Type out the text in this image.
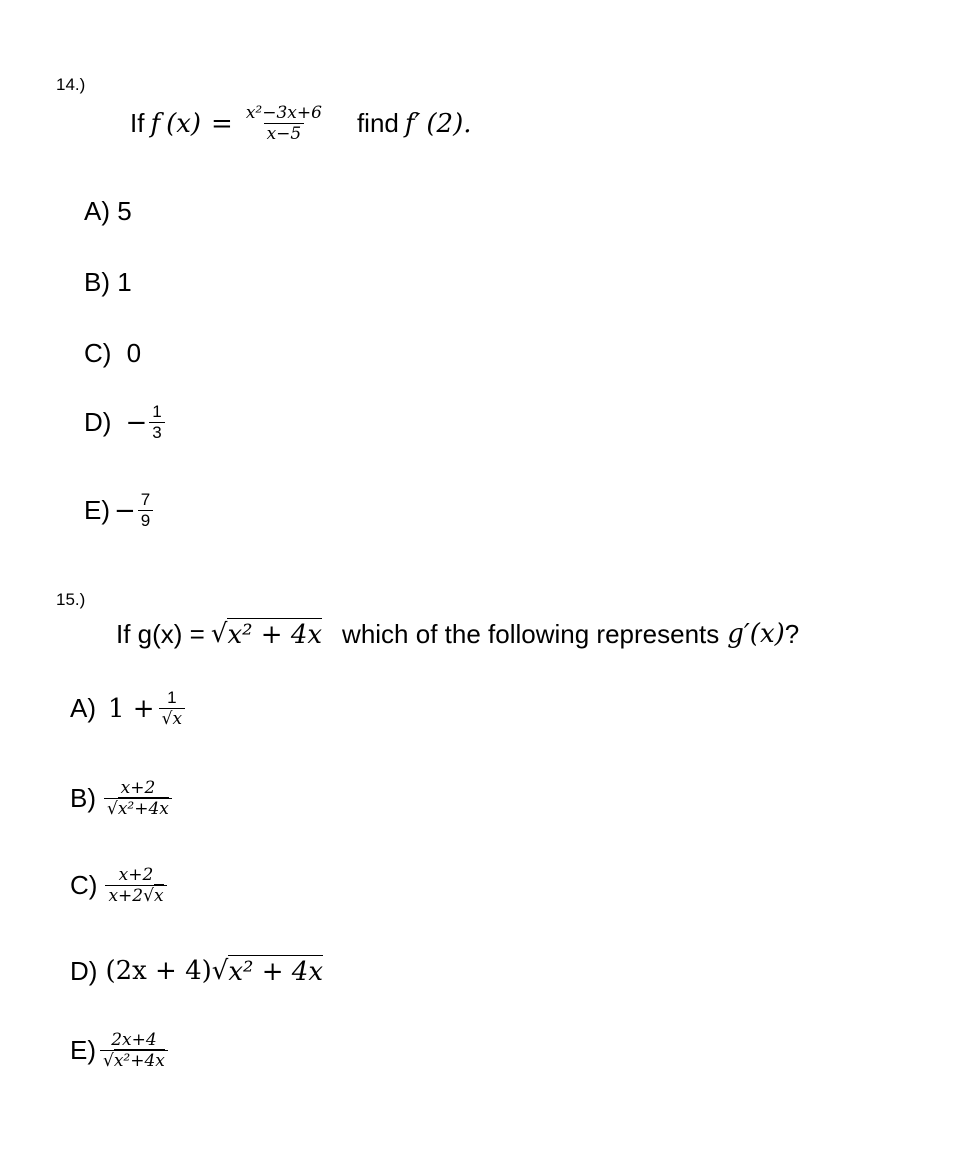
14.)
If f $(x) = \frac{\text{x²−3x+6}}{x-5}$ find f′ (2).
A) 5
B) 1
C) 0
$D) - \frac{1}{3}$
$E) - \frac{7}{9}$
15.)
If g(x) = √ x² + 4x which of the following represents g′(x) ?
A) $1 + \frac{1}{√x}$
$B) \frac{x+2}{\text{√x²+4x}}$
$C) \frac{x+2}{x+2√x}$
D) (2x + 4) √ x² + 4x
$E) \frac{2x+4}{\text{√x²+4x}}$
